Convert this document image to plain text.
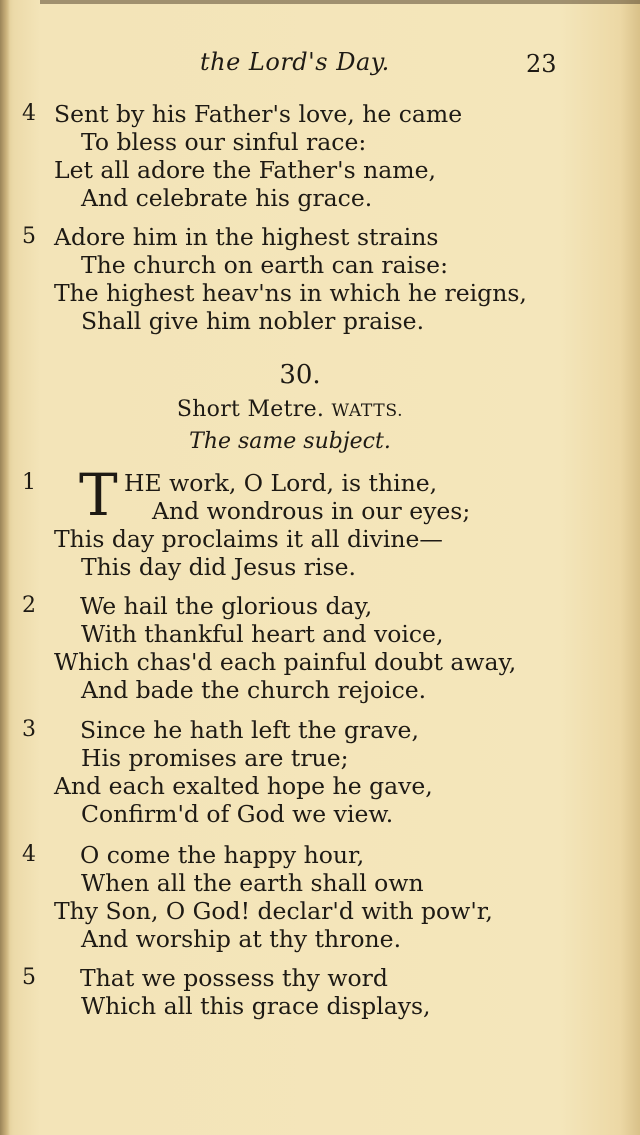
the Lord's Day.	23
4 Sent by his Father's love, he came
To bless our sinful race:
Let all adore the Father's name,
And celebrate his grace.
5 Adore him in the highest strains
The church on earth can raise:
The highest heav'ns in which he reigns,
Shall give him nobler praise.
30.
Short Metre. WATTS.
The same subject.
T
1	HE work, O Lord, is thine,
And wondrous in our eyes;
This day proclaims it all divine—
This day did Jesus rise.
2 We hail the glorious day,
With thankful heart and voice,
Which chas'd each painful doubt away,
And bade the church rejoice.
3 Since he hath left the grave,
His promises are true;
And each exalted hope he gave,
Confirm'd of God we view.
4 O come the happy hour,
When all the earth shall own
Thy Son, O God! declar'd with pow'r,
And worship at thy throne.
5 That we possess thy word
Which all this grace displays,
